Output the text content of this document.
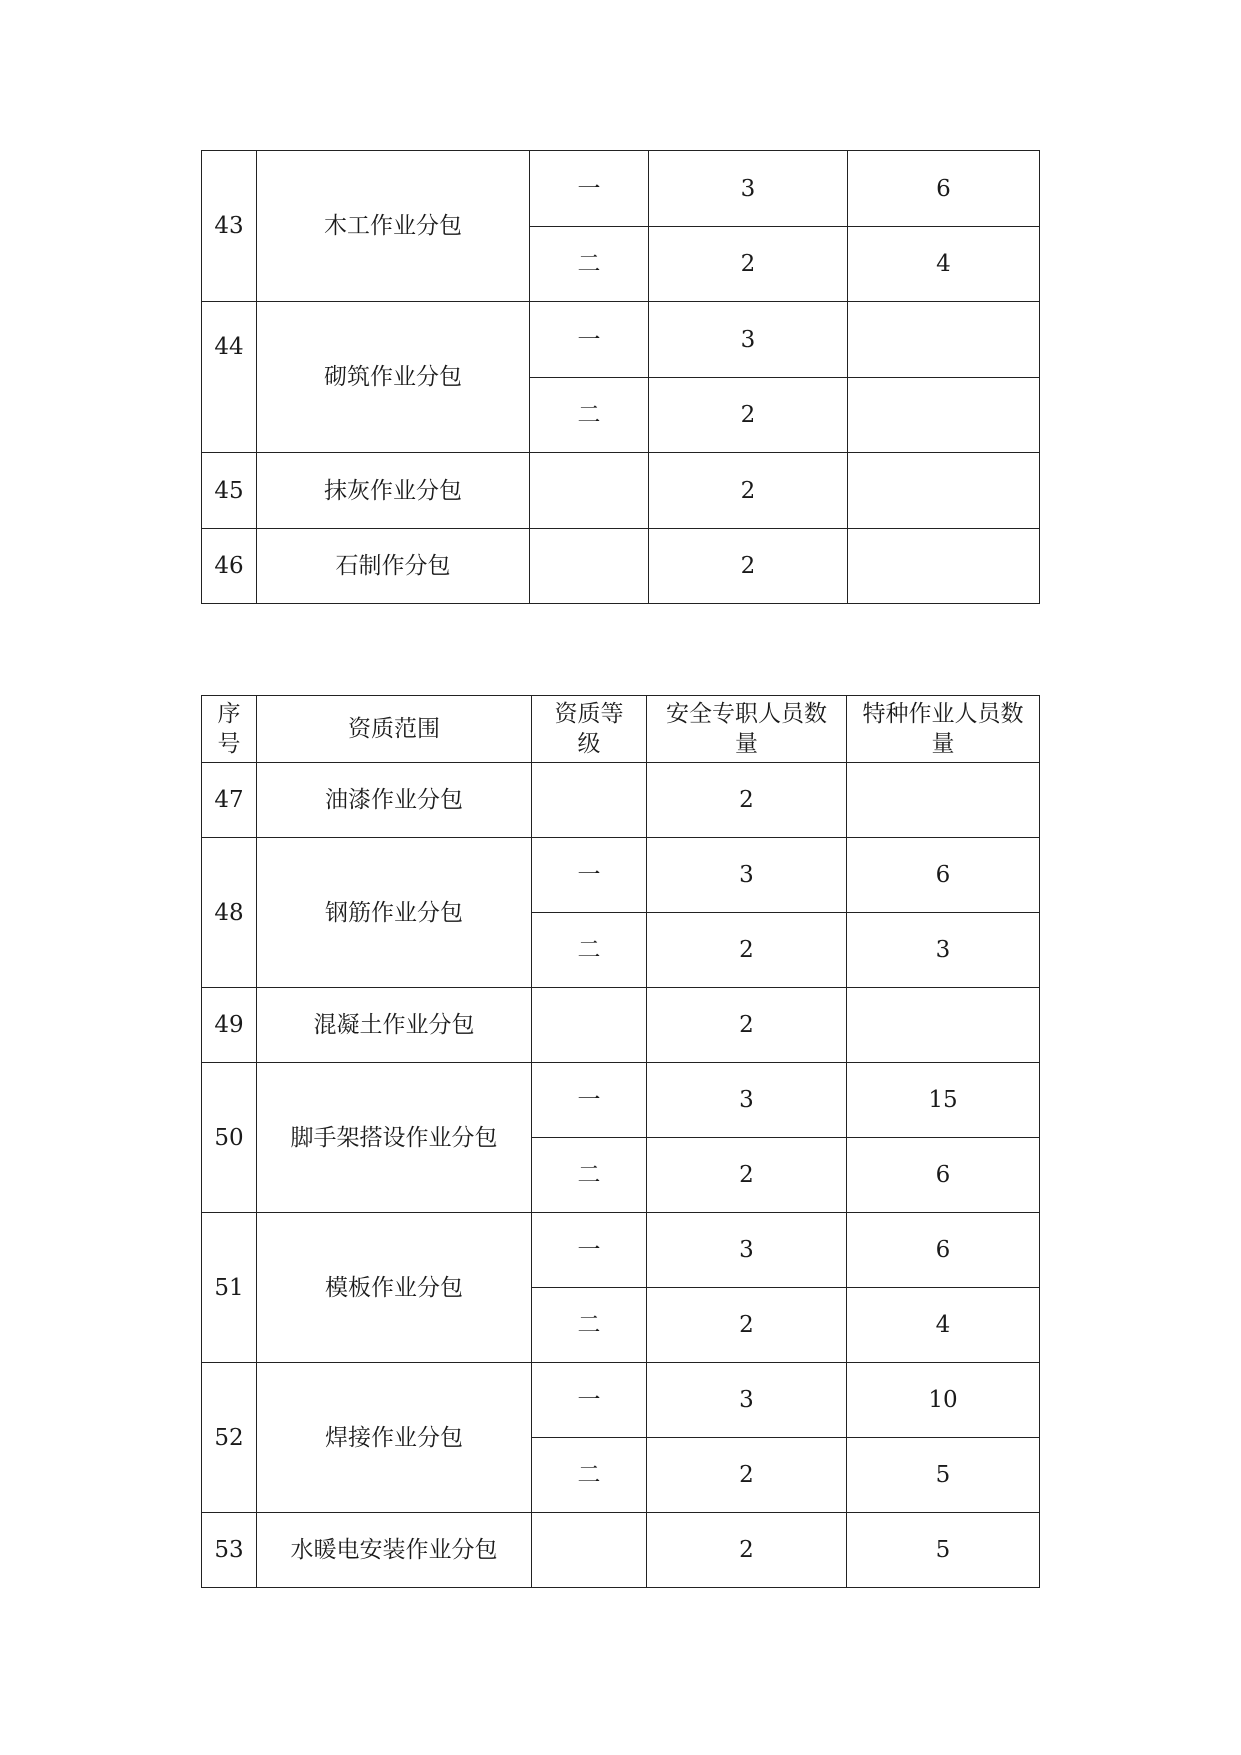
43	木工作业分包	一	3	6
		二	2	4
44	砌筑作业分包	一	3	
		二	2	
45	抹灰作业分包		2	
46	石制作分包		2	
序号	资质范围	资质等级	安全专职人员数量	特种作业人员数量
47	油漆作业分包		2	
48	钢筋作业分包	一	3	6
		二	2	3
49	混凝土作业分包		2	
50	脚手架搭设作业分包	一	3	15
		二	2	6
51	模板作业分包	一	3	6
		二	2	4
52	焊接作业分包	一	3	10
		二	2	5
53	水暖电安装作业分包		2	5
